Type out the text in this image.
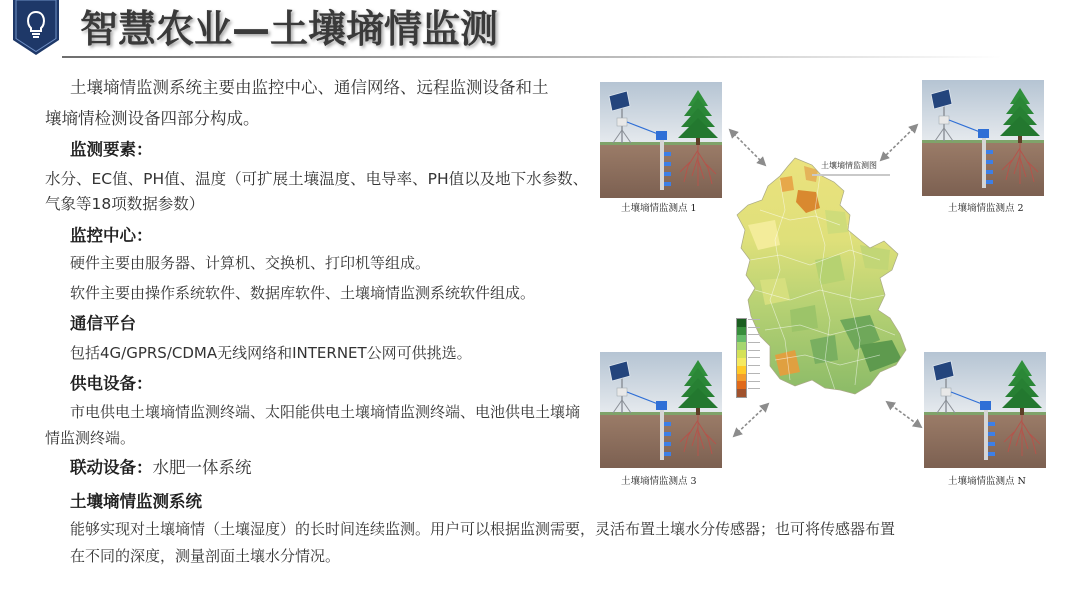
智慧农业—土壤墒情监测
土壤墒情监测系统主要由监控中心、通信网络、远程监测设备和土
壤墒情检测设备四部分构成。
监测要素：
水分、EC值、PH值、温度（可扩展土壤温度、电导率、PH值以及地下水参数、
气象等18项数据参数）
监控中心：
硬件主要由服务器、计算机、交换机、打印机等组成。
软件主要由操作系统软件、数据库软件、土壤墒情监测系统软件组成。
通信平台
包括4G/GPRS/CDMA无线网络和INTERNET公网可供挑选。
供电设备：
市电供电土壤墒情监测终端、太阳能供电土壤墒情监测终端、电池供电土壤墒
情监测终端。
联动设备：水肥一体系统
土壤墒情监测系统
能够实现对土壤墒情（土壤湿度）的长时间连续监测。用户可以根据监测需要，灵活布置土壤水分传感器；也可将传感器布置
在不同的深度，测量剖面土壤水分情况。
土壤墒情监测点 1	土壤墒情监测点 2
土壤墒情监测点 3	土壤墒情监测点 N
土壤墒情监测图
